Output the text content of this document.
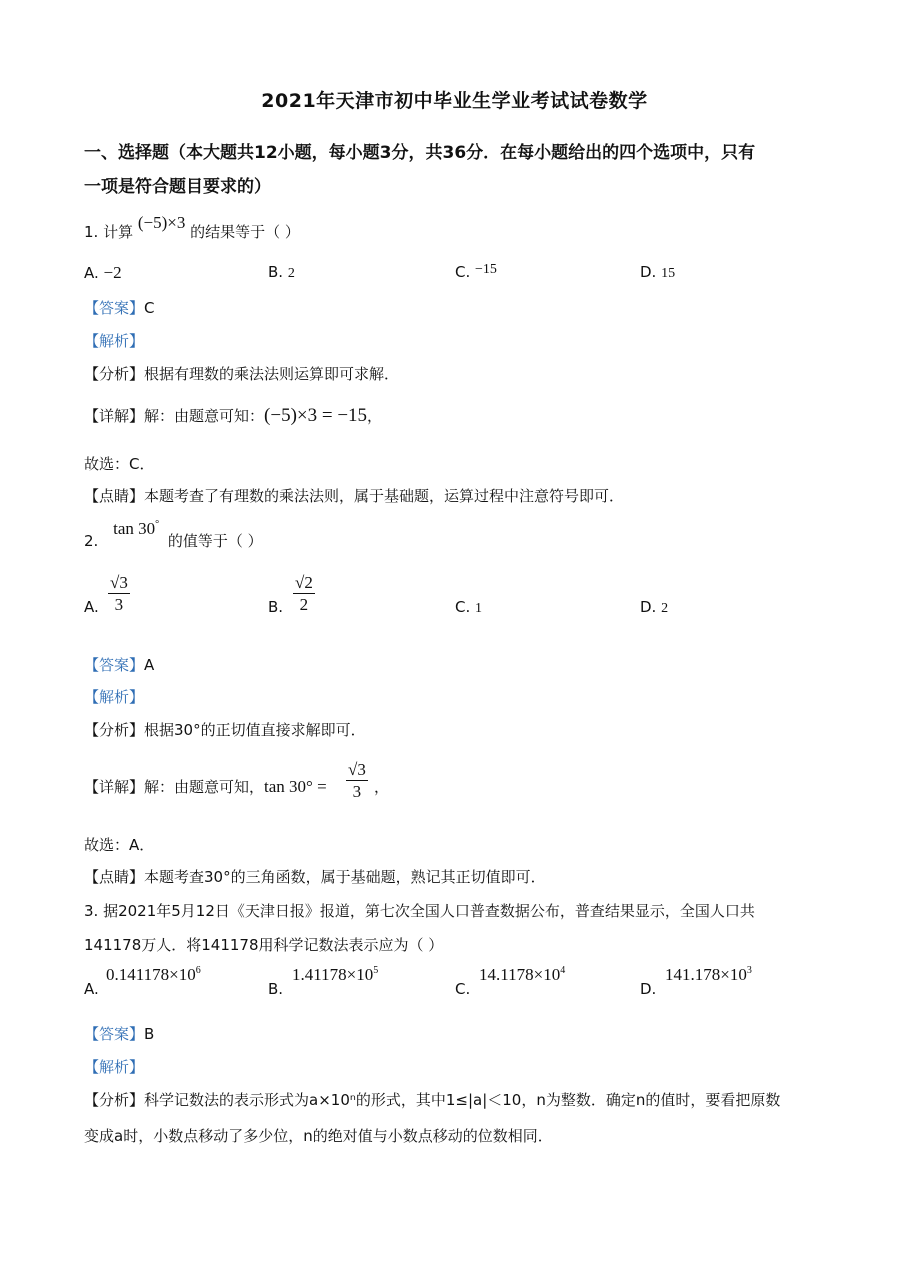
2021年天津市初中毕业生学业考试试卷数学
一、选择题（本大题共12小题，每小题3分，共36分．在每小题给出的四个选项中，只有
一项是符合题目要求的）
1. 计算 (−5)×3 的结果等于（ ）
A. −2	B. 2	C. −15	D. 15
【答案】C
【解析】
【分析】根据有理数的乘法法则运算即可求解．
【详解】解：由题意可知：(−5)×3 = −15，
故选：C．
【点睛】本题考查了有理数的乘法法则，属于基础题，运算过程中注意符号即可．
2. tan 30° 的值等于（ ）
A. $\frac{√3}{3}$	B. $\frac{√2}{2}$	C. 1	D. 2
【答案】A
【解析】
【分析】根据30°的正切值直接求解即可．
【详解】解：由题意可知，$\tan 30^\circ = \frac{√3}{3}$ ，
故选：A．
【点睛】本题考查30°的三角函数，属于基础题，熟记其正切值即可．
3. 据2021年5月12日《天津日报》报道，第七次全国人口普查数据公布，普查结果显示，全国人口共
141178万人．将141178用科学记数法表示应为（ ）
A.
$0.141178\times 10^6$
B.
$1.41178\times 10^5$
C.
$14.1178\times 10^4$
D.
$141.178\times 10^3$
【答案】B
【解析】
【分析】科学记数法的表示形式为a×10ⁿ的形式，其中1≤|a|＜10，n为整数．确定n的值时，要看把原数
变成a时，小数点移动了多少位，n的绝对值与小数点移动的位数相同．
